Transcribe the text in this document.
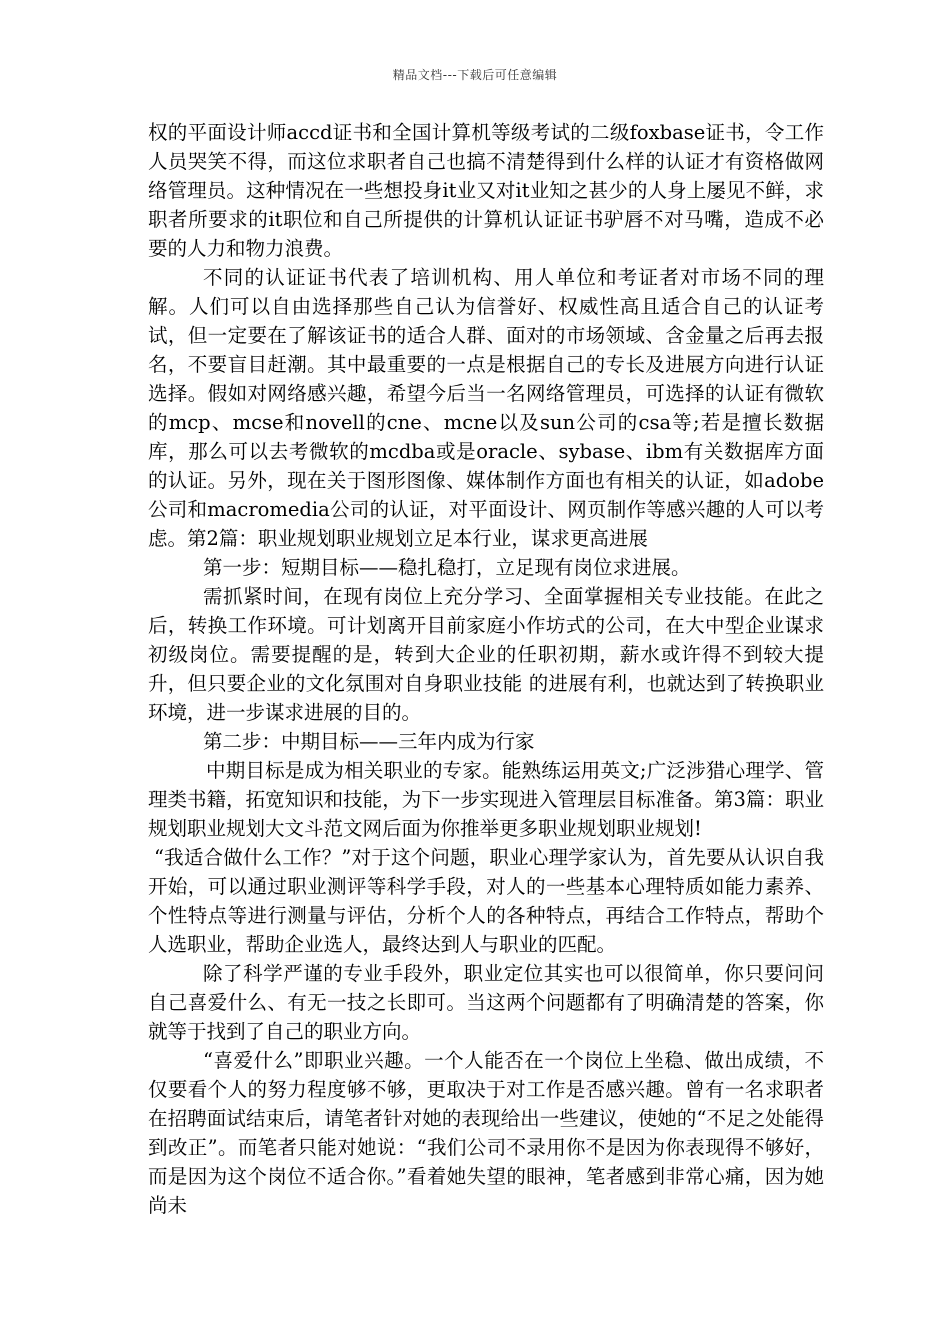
精品文档---下载后可任意编辑

权的平面设计师accd证书和全国计算机等级考试的二级foxbase证书，令工作人员哭笑不得，而这位求职者自己也搞不清楚得到什么样的认证才有资格做网络管理员。这种情况在一些想投身it业又对it业知之甚少的人身上屡见不鲜，求职者所要求的it职位和自己所提供的计算机认证证书驴唇不对马嘴，造成不必要的人力和物力浪费。

不同的认证证书代表了培训机构、用人单位和考证者对市场不同的理解。人们可以自由选择那些自己认为信誉好、权威性高且适合自己的认证考试，但一定要在了解该证书的适合人群、面对的市场领域、含金量之后再去报名，不要盲目赶潮。其中最重要的一点是根据自己的专长及进展方向进行认证选择。假如对网络感兴趣，希望今后当一名网络管理员，可选择的认证有微软的mcp、mcse和novell的cne、mcne以及sun公司的csa等;若是擅长数据库，那么可以去考微软的mcdba或是oracle、sybase、ibm有关数据库方面的认证。另外，现在关于图形图像、媒体制作方面也有相关的认证，如adobe公司和macromedia公司的认证，对平面设计、网页制作等感兴趣的人可以考虑。第2篇：职业规划职业规划立足本行业，谋求更高进展

第一步：短期目标——稳扎稳打，立足现有岗位求进展。

需抓紧时间，在现有岗位上充分学习、全面掌握相关专业技能。在此之后，转换工作环境。可计划离开目前家庭小作坊式的公司，在大中型企业谋求初级岗位。需要提醒的是，转到大企业的任职初期，薪水或许得不到较大提升，但只要企业的文化氛围对自身职业技能 的进展有利，也就达到了转换职业环境，进一步谋求进展的目的。

第二步：中期目标——三年内成为行家

中期目标是成为相关职业的专家。能熟练运用英文;广泛涉猎心理学、管理类书籍，拓宽知识和技能，为下一步实现进入管理层目标准备。第3篇：职业规划职业规划大文斗范文网后面为你推举更多职业规划职业规划!

“我适合做什么工作？”对于这个问题，职业心理学家认为，首先要从认识自我开始，可以通过职业测评等科学手段，对人的一些基本心理特质如能力素养、个性特点等进行测量与评估，分析个人的各种特点，再结合工作特点，帮助个人选职业，帮助企业选人，最终达到人与职业的匹配。

除了科学严谨的专业手段外，职业定位其实也可以很简单，你只要问问自己喜爱什么、有无一技之长即可。当这两个问题都有了明确清楚的答案，你就等于找到了自己的职业方向。

“喜爱什么”即职业兴趣。一个人能否在一个岗位上坐稳、做出成绩，不仅要看个人的努力程度够不够，更取决于对工作是否感兴趣。曾有一名求职者在招聘面试结束后，请笔者针对她的表现给出一些建议，使她的“不足之处能得到改正”。而笔者只能对她说：“我们公司不录用你不是因为你表现得不够好，而是因为这个岗位不适合你。”看着她失望的眼神，笔者感到非常心痛，因为她尚未
